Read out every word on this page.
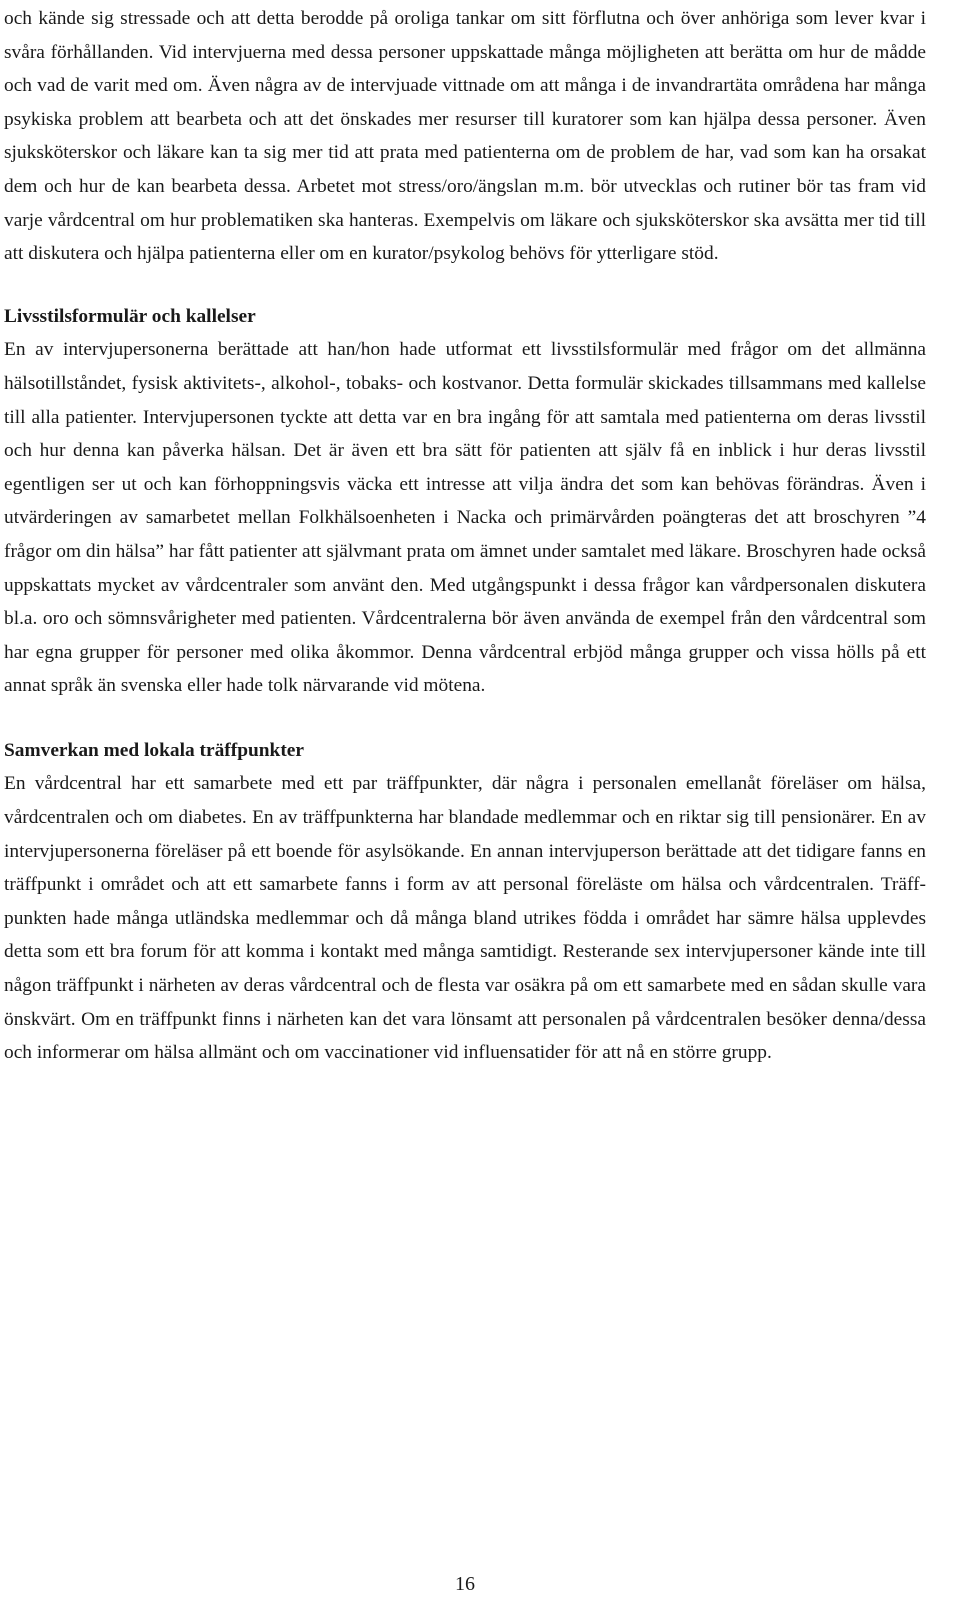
och kände sig stressade och att detta berodde på oroliga tankar om sitt förflutna och över anhöriga som lever kvar i svåra förhållanden. Vid intervjuerna med dessa personer uppskattade många möjligheten att berätta om hur de mådde och vad de varit med om. Även några av de intervjuade vittnade om att många i de invandrartäta områdena har många psykiska problem att bearbeta och att det önskades mer resurser till kuratorer som kan hjälpa dessa personer. Även sjuksköterskor och läkare kan ta sig mer tid att prata med patienterna om de problem de har, vad som kan ha orsakat dem och hur de kan bearbeta dessa. Arbetet mot stress/oro/ängslan m.m. bör utvecklas och rutiner bör tas fram vid varje vårdcentral om hur problematiken ska hanteras. Exempelvis om läkare och sjuksköterskor ska avsätta mer tid till att diskutera och hjälpa patienterna eller om en kurator/psykolog behövs för ytterligare stöd.

Livsstilsformulär och kallelser

En av intervjupersonerna berättade att han/hon hade utformat ett livsstilsformulär med frågor om det allmänna hälsotillståndet, fysisk aktivitets-, alkohol-, tobaks- och kostvanor. Detta formulär skickades tillsammans med kallelse till alla patienter. Intervjupersonen tyckte att detta var en bra ingång för att samtala med patienterna om deras livsstil och hur denna kan påverka hälsan. Det är även ett bra sätt för patienten att själv få en inblick i hur deras livsstil egentligen ser ut och kan förhoppningsvis väcka ett intresse att vilja ändra det som kan behövas förändras. Även i utvärderingen av samarbetet mellan Folkhälsoenheten i Nacka och primärvården poängteras det att broschyren ”4 frågor om din hälsa” har fått patienter att självmant prata om ämnet under samtalet med läkare. Broschyren hade också uppskattats mycket av vårdcentraler som använt den. Med utgångspunkt i dessa frågor kan vårdpersonalen diskutera bl.a. oro och sömnsvårigheter med patienten. Vårdcentralerna bör även använda de exempel från den vårdcentral som har egna grupper för personer med olika åkommor. Denna vårdcentral erbjöd många grupper och vissa hölls på ett annat språk än svenska eller hade tolk närvarande vid mötena.

Samverkan med lokala träffpunkter

En vårdcentral har ett samarbete med ett par träffpunkter, där några i personalen emellanåt föreläser om hälsa, vårdcentralen och om diabetes. En av träffpunkterna har blandade medlemmar och en riktar sig till pensionärer. En av intervjupersonerna föreläser på ett boende för asylsökande. En annan intervjuperson berättade att det tidigare fanns en träffpunkt i området och att ett samarbete fanns i form av att personal föreläste om hälsa och vårdcentralen. Träffpunkten hade många utländska medlemmar och då många bland utrikes födda i området har sämre hälsa upplevdes detta som ett bra forum för att komma i kontakt med många samtidigt. Resterande sex intervjupersoner kände inte till någon träffpunkt i närheten av deras vårdcentral och de flesta var osäkra på om ett samarbete med en sådan skulle vara önskvärt. Om en träffpunkt finns i närheten kan det vara lönsamt att personalen på vårdcentralen besöker denna/dessa och informerar om hälsa allmänt och om vaccinationer vid influensatider för att nå en större grupp.

16
